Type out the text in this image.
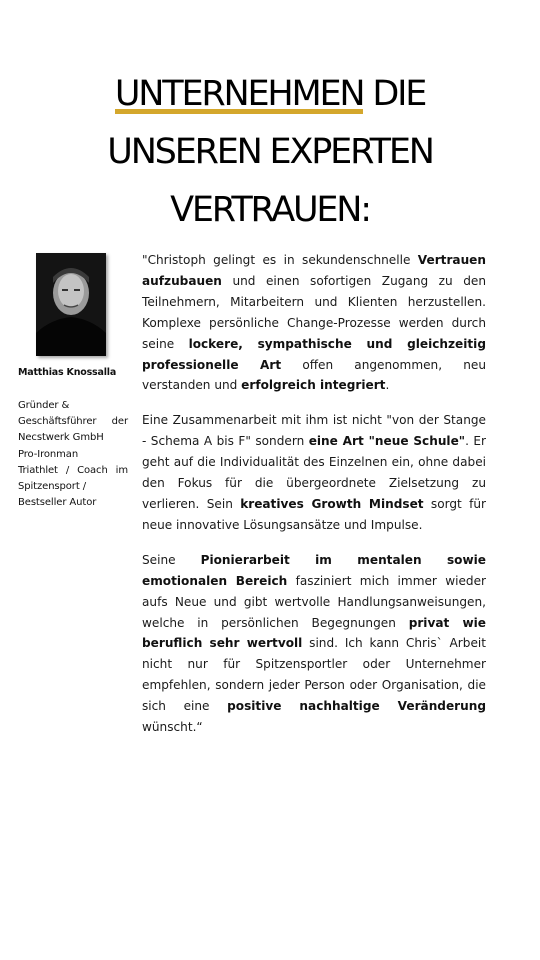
UNTERNEHMEN DIE
UNSEREN EXPERTEN
VERTRAUEN:
Matthias Knossalla
Gründer &
Geschäftsführer der
Necstwerk GmbH
Pro-Ironman
Triathlet / Coach im
Spitzensport /
Bestseller Autor

"Christoph gelingt es in sekundenschnelle Vertrauen aufzubauen und einen sofortigen Zugang zu den Teilnehmern, Mitarbeitern und Klienten herzustellen. Komplexe persönliche Change-Prozesse werden durch seine lockere, sympathische und gleichzeitig professionelle Art offen angenommen, neu verstanden und erfolgreich integriert.

Eine Zusammenarbeit mit ihm ist nicht "von der Stange - Schema A bis F" sondern eine Art "neue Schule". Er geht auf die Individualität des Einzelnen ein, ohne dabei den Fokus für die übergeordnete Zielsetzung zu verlieren. Sein kreatives Growth Mindset sorgt für neue innovative Lösungsansätze und Impulse.

Seine Pionierarbeit im mentalen sowie emotionalen Bereich fasziniert mich immer wieder aufs Neue und gibt wertvolle Handlungsanweisungen, welche in persönlichen Begegnungen privat wie beruflich sehr wertvoll sind. Ich kann Chris` Arbeit nicht nur für Spitzensportler oder Unternehmer empfehlen, sondern jeder Person oder Organisation, die sich eine positive nachhaltige Veränderung wünscht.“
